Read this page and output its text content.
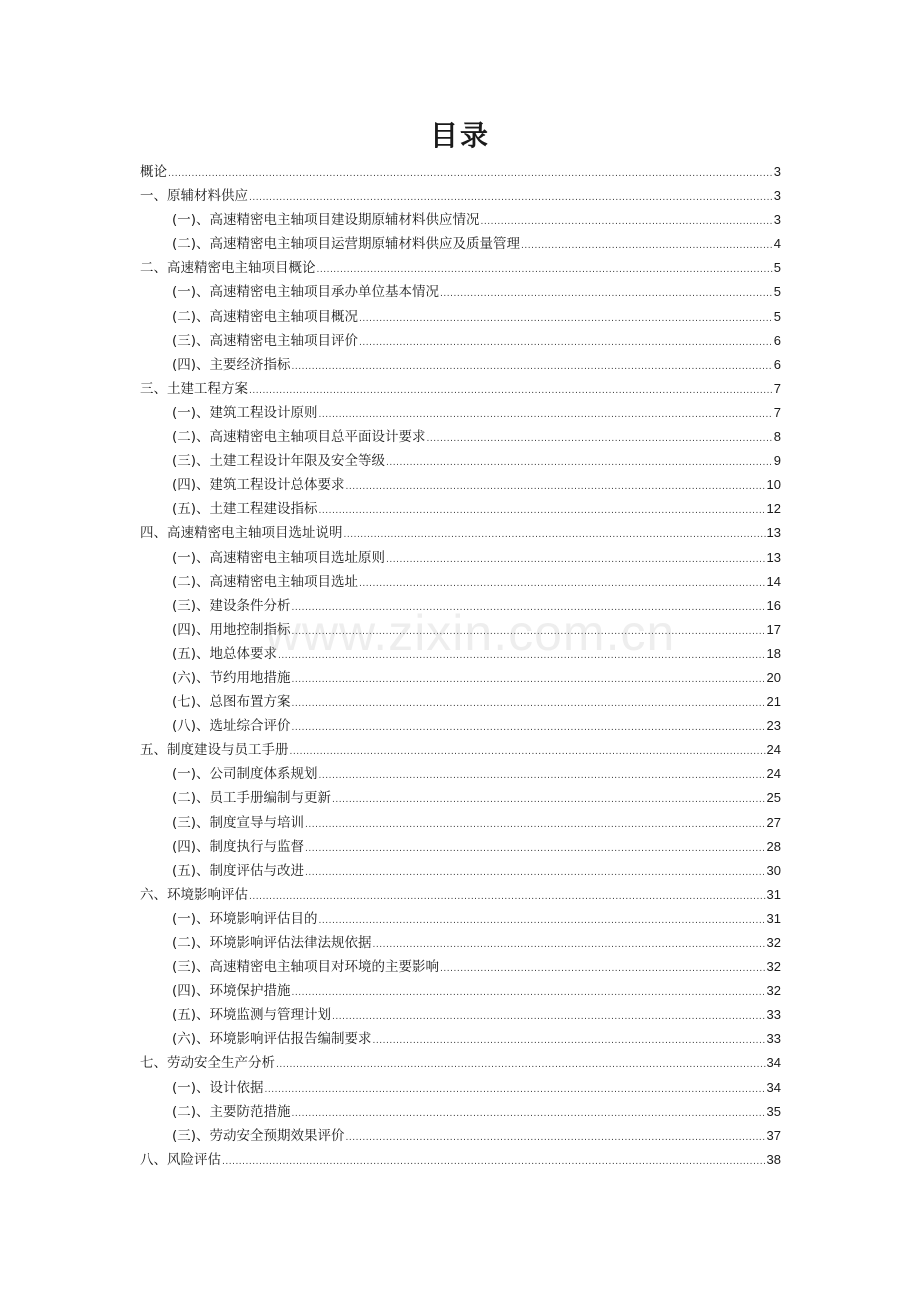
目录
概论 .....	3
一、原辅材料供应 .....	3
(一)、高速精密电主轴项目建设期原辅材料供应情况 .....	3
(二)、高速精密电主轴项目运营期原辅材料供应及质量管理 .....	4
二、高速精密电主轴项目概论 .....	5
(一)、高速精密电主轴项目承办单位基本情况 .....	5
(二)、高速精密电主轴项目概况 .....	5
(三)、高速精密电主轴项目评价 .....	6
(四)、主要经济指标 .....	6
三、土建工程方案 .....	7
(一)、建筑工程设计原则 .....	7
(二)、高速精密电主轴项目总平面设计要求 .....	8
(三)、土建工程设计年限及安全等级 .....	9
(四)、建筑工程设计总体要求 .....	10
(五)、土建工程建设指标 .....	12
四、高速精密电主轴项目选址说明 .....	13
(一)、高速精密电主轴项目选址原则 .....	13
(二)、高速精密电主轴项目选址 .....	14
(三)、建设条件分析 .....	16
(四)、用地控制指标 .....	17
(五)、地总体要求 .....	18
(六)、节约用地措施 .....	20
(七)、总图布置方案 .....	21
(八)、选址综合评价 .....	23
五、制度建设与员工手册 .....	24
(一)、公司制度体系规划 .....	24
(二)、员工手册编制与更新 .....	25
(三)、制度宣导与培训 .....	27
(四)、制度执行与监督 .....	28
(五)、制度评估与改进 .....	30
六、环境影响评估 .....	31
(一)、环境影响评估目的 .....	31
(二)、环境影响评估法律法规依据 .....	32
(三)、高速精密电主轴项目对环境的主要影响 .....	32
(四)、环境保护措施 .....	32
(五)、环境监测与管理计划 .....	33
(六)、环境影响评估报告编制要求 .....	33
七、劳动安全生产分析 .....	34
(一)、设计依据 .....	34
(二)、主要防范措施 .....	35
(三)、劳动安全预期效果评价 .....	37
八、风险评估 .....	38
www.zixin.com.cn
